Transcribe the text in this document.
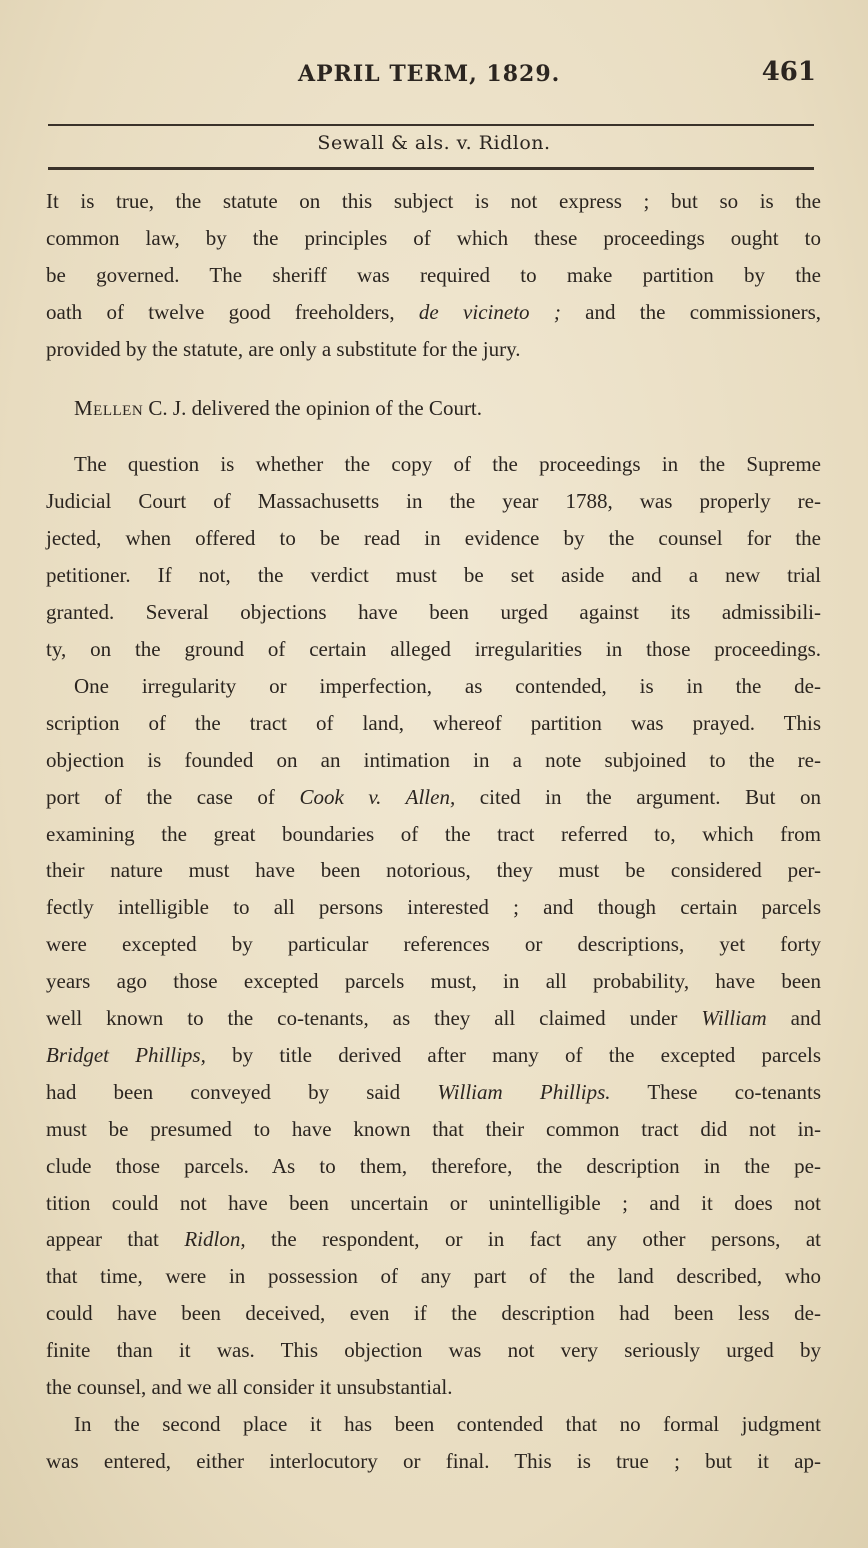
APRIL TERM, 1829.	461
Sewall & als. v. Ridlon.
It is true, the statute on this subject is not express ; but so is the
common law, by the principles of which these proceedings ought to
be governed. The sheriff was required to make partition by the
oath of twelve good freeholders, de vicineto ; and the commissioners,
provided by the statute, are only a substitute for the jury.
Mellen C. J. delivered the opinion of the Court.
The question is whether the copy of the proceedings in the Supreme
Judicial Court of Massachusetts in the year 1788, was properly re-
jected, when offered to be read in evidence by the counsel for the
petitioner. If not, the verdict must be set aside and a new trial
granted. Several objections have been urged against its admissibili-
ty, on the ground of certain alleged irregularities in those proceedings.
One irregularity or imperfection, as contended, is in the de-
scription of the tract of land, whereof partition was prayed. This
objection is founded on an intimation in a note subjoined to the re-
port of the case of Cook v. Allen, cited in the argument. But on
examining the great boundaries of the tract referred to, which from
their nature must have been notorious, they must be considered per-
fectly intelligible to all persons interested ; and though certain parcels
were excepted by particular references or descriptions, yet forty
years ago those excepted parcels must, in all probability, have been
well known to the co-tenants, as they all claimed under William and
Bridget Phillips, by title derived after many of the excepted parcels
had been conveyed by said William Phillips. These co-tenants
must be presumed to have known that their common tract did not in-
clude those parcels. As to them, therefore, the description in the pe-
tition could not have been uncertain or unintelligible ; and it does not
appear that Ridlon, the respondent, or in fact any other persons, at
that time, were in possession of any part of the land described, who
could have been deceived, even if the description had been less de-
finite than it was. This objection was not very seriously urged by
the counsel, and we all consider it unsubstantial.
In the second place it has been contended that no formal judgment
was entered, either interlocutory or final. This is true ; but it ap-
